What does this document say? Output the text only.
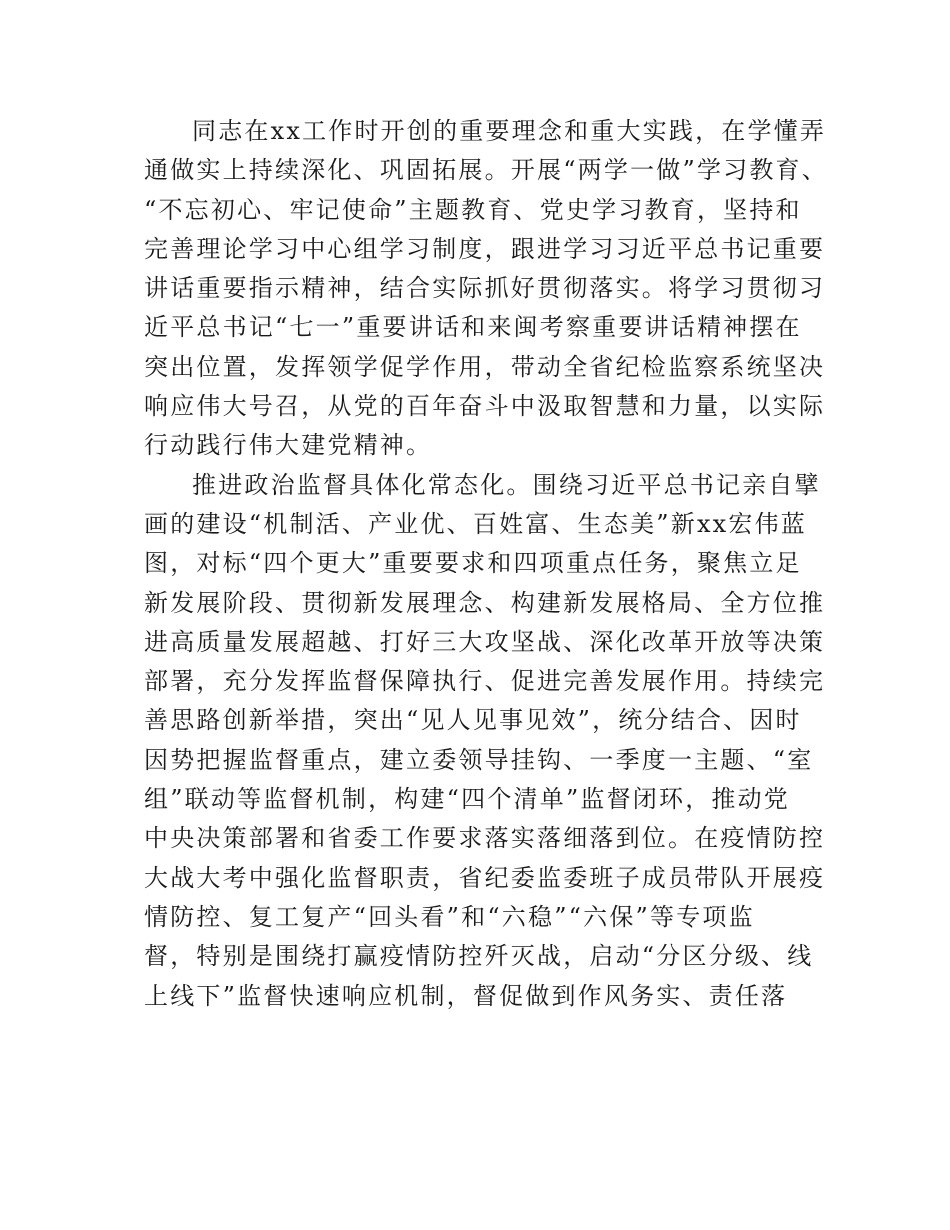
同志在xx工作时开创的重要理念和重大实践，在学懂弄
通做实上持续深化、巩固拓展。开展“两学一做”学习教育、
“不忘初心、牢记使命”主题教育、党史学习教育，坚持和
完善理论学习中心组学习制度，跟进学习习近平总书记重要
讲话重要指示精神，结合实际抓好贯彻落实。将学习贯彻习
近平总书记“七一”重要讲话和来闽考察重要讲话精神摆在
突出位置，发挥领学促学作用，带动全省纪检监察系统坚决
响应伟大号召，从党的百年奋斗中汲取智慧和力量，以实际
行动践行伟大建党精神。
推进政治监督具体化常态化。围绕习近平总书记亲自擘
画的建设“机制活、产业优、百姓富、生态美”新xx宏伟蓝
图，对标“四个更大”重要要求和四项重点任务，聚焦立足
新发展阶段、贯彻新发展理念、构建新发展格局、全方位推
进高质量发展超越、打好三大攻坚战、深化改革开放等决策
部署，充分发挥监督保障执行、促进完善发展作用。持续完
善思路创新举措，突出“见人见事见效”，统分结合、因时
因势把握监督重点，建立委领导挂钩、一季度一主题、“室
组”联动等监督机制，构建“四个清单”监督闭环，推动党
中央决策部署和省委工作要求落实落细落到位。在疫情防控
大战大考中强化监督职责，省纪委监委班子成员带队开展疫
情防控、复工复产“回头看”和“六稳”“六保”等专项监
督，特别是围绕打赢疫情防控歼灭战，启动“分区分级、线
上线下”监督快速响应机制，督促做到作风务实、责任落
